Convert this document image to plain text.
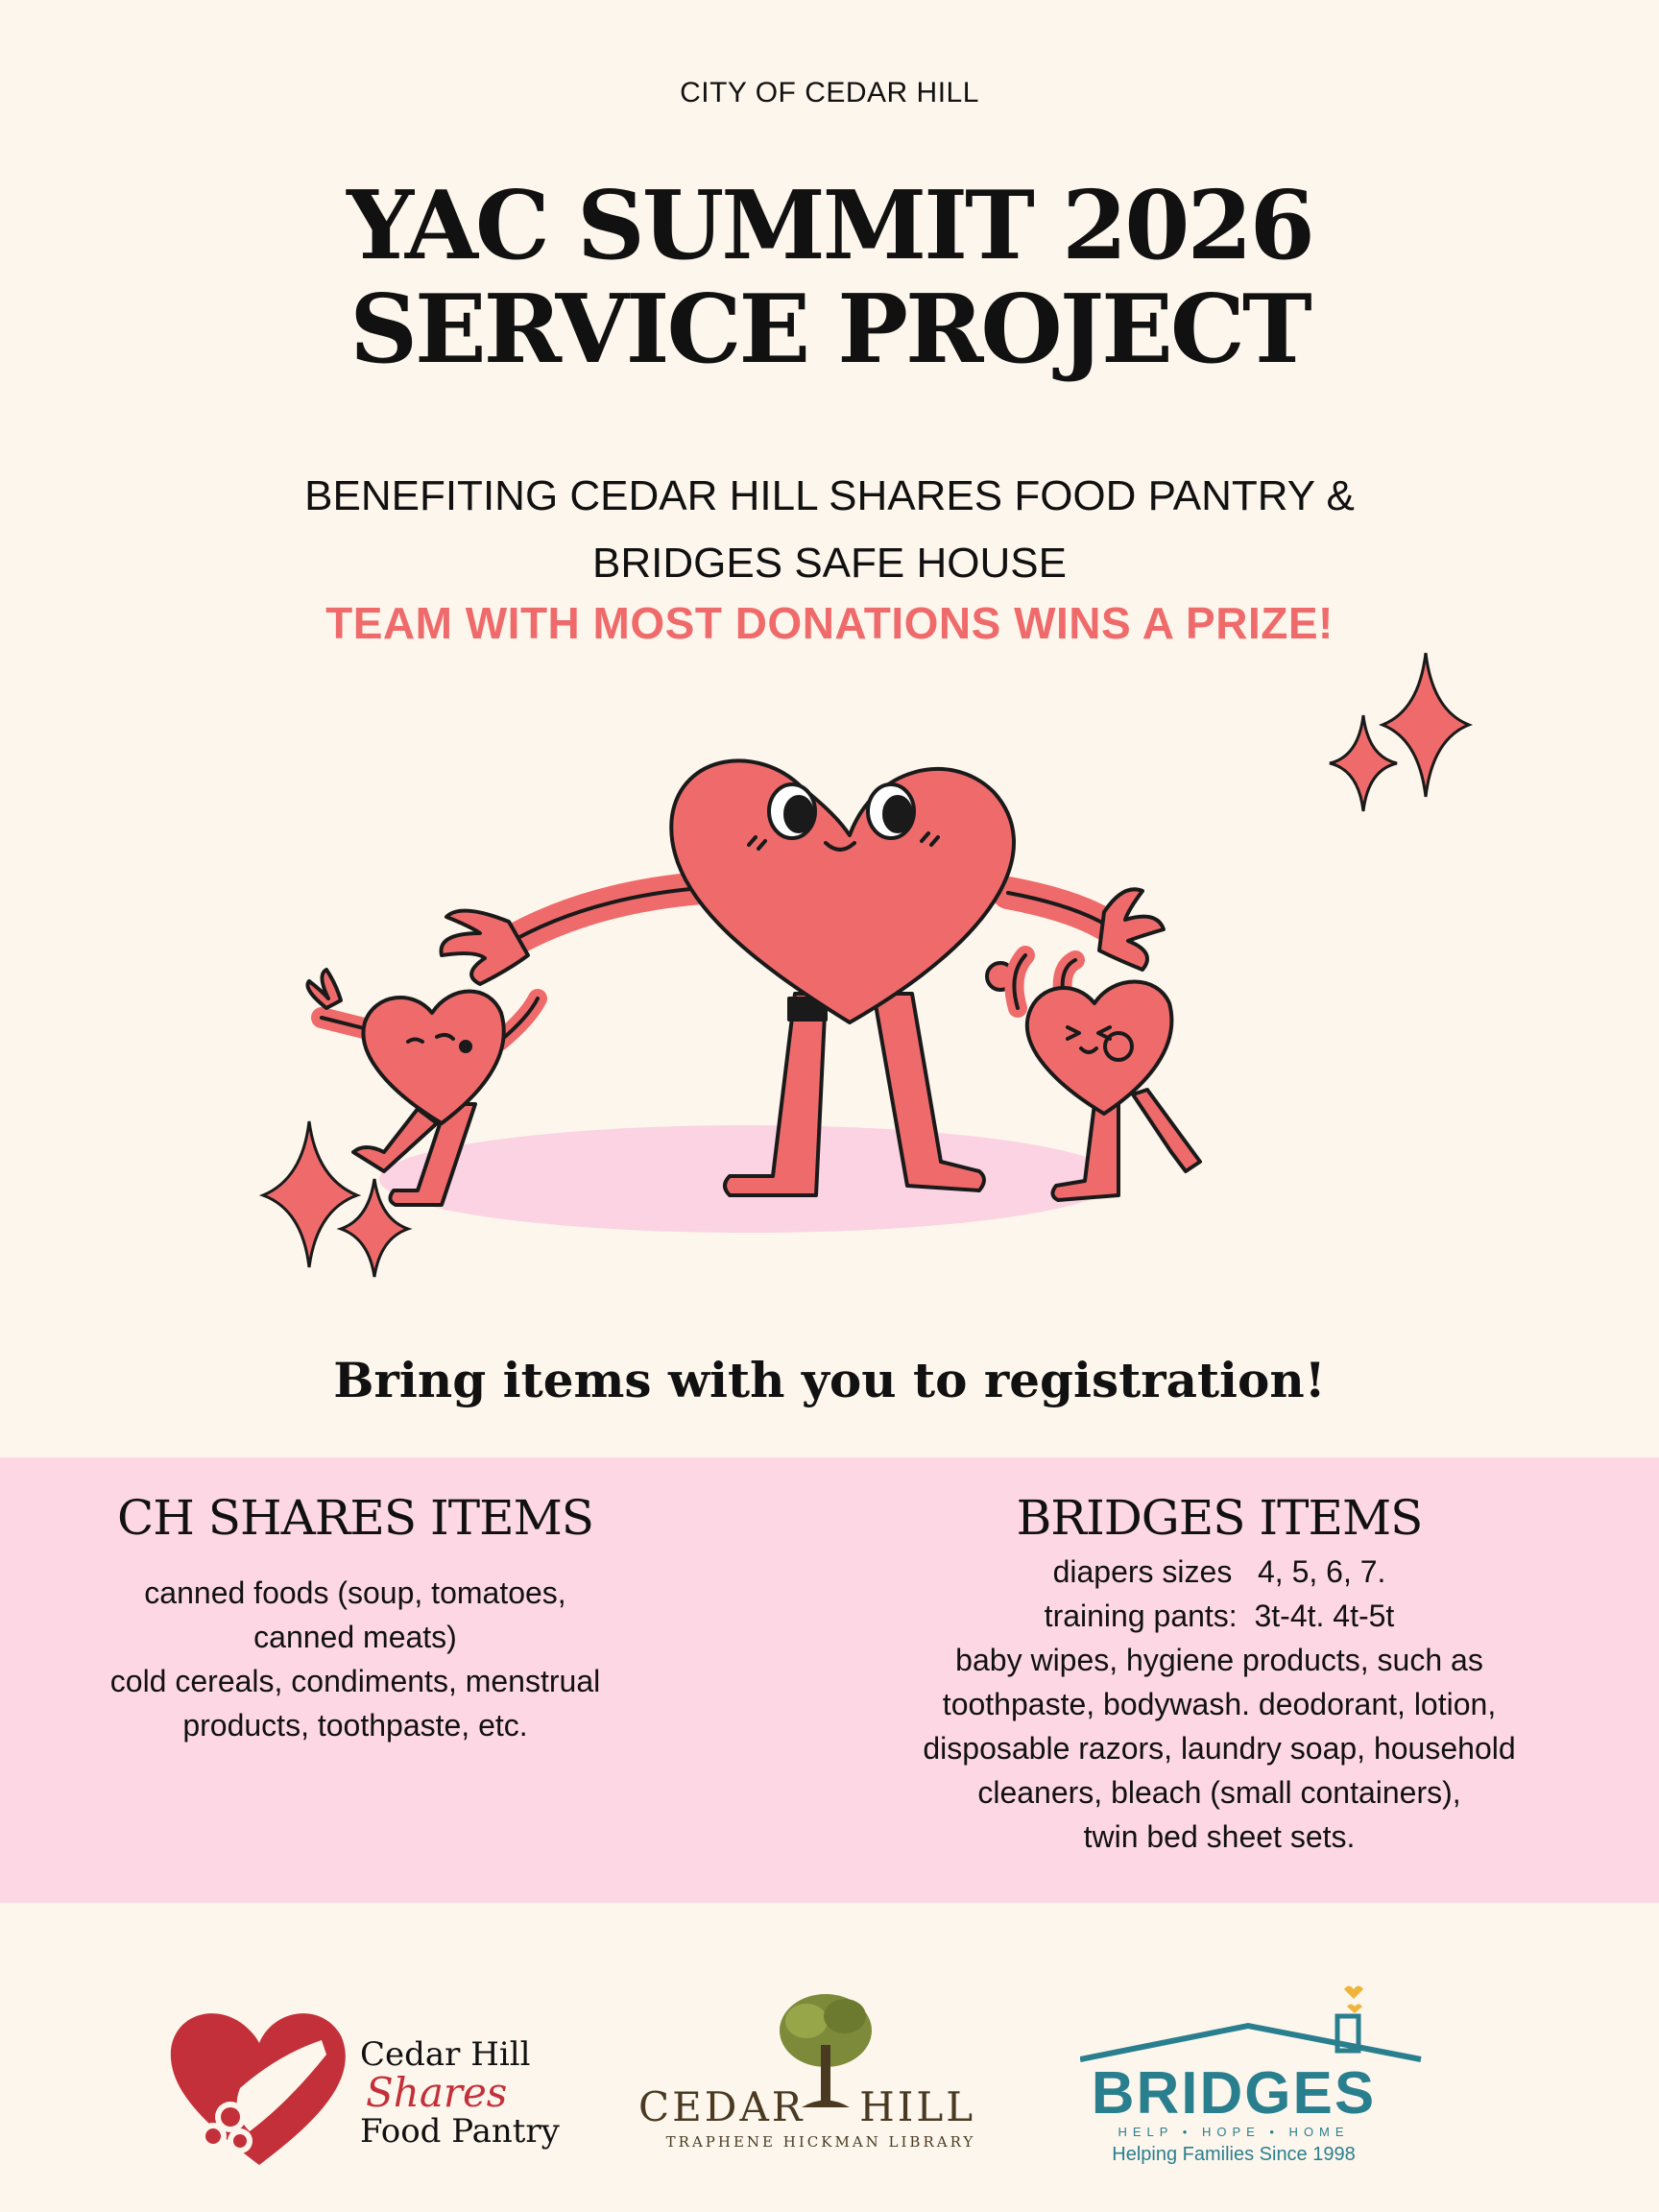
CITY OF CEDAR HILL
YAC SUMMIT 2026
SERVICE PROJECT
BENEFITING CEDAR HILL SHARES FOOD PANTRY &
BRIDGES SAFE HOUSE
TEAM WITH MOST DONATIONS WINS A PRIZE!
Bring items with you to registration!
CH SHARES ITEMS
canned foods (soup, tomatoes,
canned meats)
cold cereals, condiments, menstrual
products, toothpaste, etc.
BRIDGES ITEMS
diapers sizes   4, 5, 6, 7.
training pants:  3t-4t. 4t-5t
baby wipes, hygiene products, such as
toothpaste, bodywash. deodorant, lotion,
disposable razors, laundry soap, household
cleaners, bleach (small containers),
twin bed sheet sets.
Cedar Hill
Shares
Food Pantry
CEDAR HILL
TRAPHENE HICKMAN LIBRARY
BRIDGES
HELP • HOPE • HOME
Helping Families Since 1998
